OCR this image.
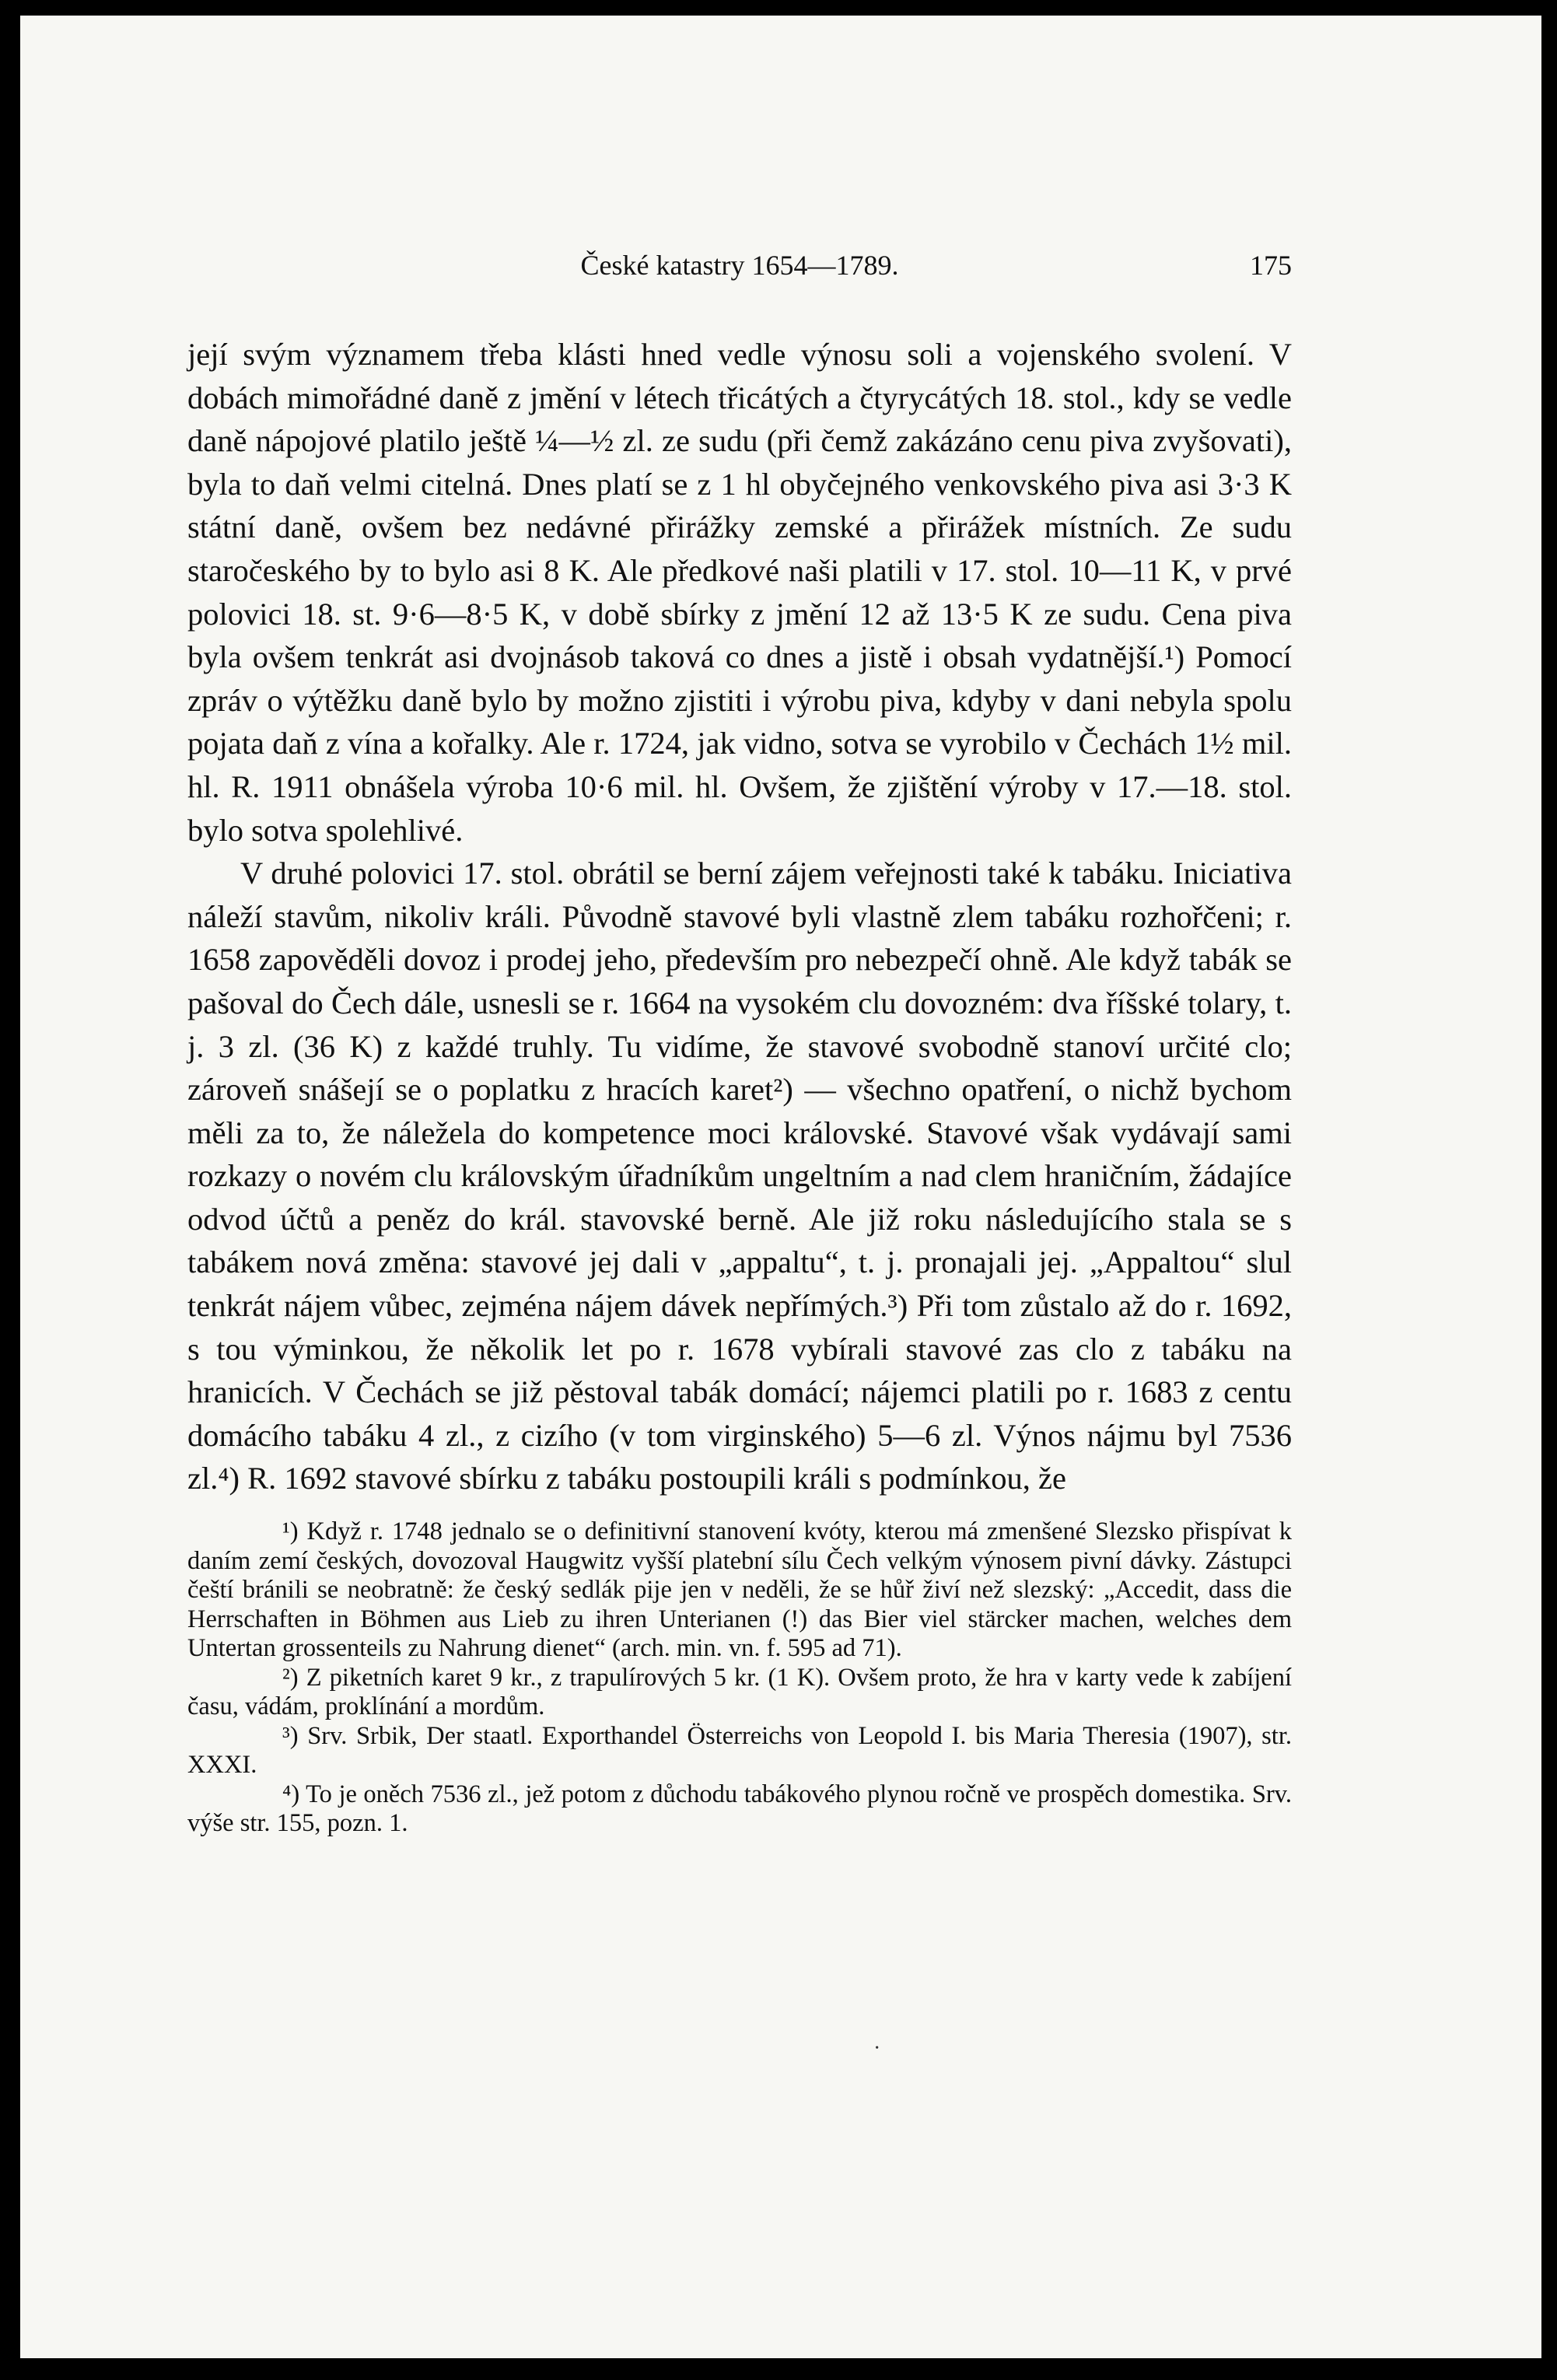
České katastry 1654—1789.	175

její svým významem třeba klásti hned vedle výnosu soli a vojenského svolení. V dobách mimořádné daně z jmění v létech třicátých a čtyrycátých 18. stol., kdy se vedle daně nápojové platilo ještě ¼—½ zl. ze sudu (při čemž zakázáno cenu piva zvyšovati), byla to daň velmi citelná. Dnes platí se z 1 hl obyčejného venkovského piva asi 3·3 K státní daně, ovšem bez nedávné přirážky zemské a přirážek místních. Ze sudu staročeského by to bylo asi 8 K. Ale předkové naši platili v 17. stol. 10—11 K, v prvé polovici 18. st. 9·6—8·5 K, v době sbírky z jmění 12 až 13·5 K ze sudu. Cena piva byla ovšem tenkrát asi dvojnásob taková co dnes a jistě i obsah vydatnější.¹) Pomocí zpráv o výtěžku daně bylo by možno zjistiti i výrobu piva, kdyby v dani nebyla spolu pojata daň z vína a kořalky. Ale r. 1724, jak vidno, sotva se vyrobilo v Čechách 1½ mil. hl. R. 1911 obnášela výroba 10·6 mil. hl. Ovšem, že zjištění výroby v 17.—18. stol. bylo sotva spolehlivé.

V druhé polovici 17. stol. obrátil se berní zájem veřejnosti také k tabáku. Iniciativa náleží stavům, nikoliv králi. Původně stavové byli vlastně zlem tabáku rozhořčeni; r. 1658 zapověděli dovoz i prodej jeho, především pro nebezpečí ohně. Ale když tabák se pašoval do Čech dále, usnesli se r. 1664 na vysokém clu dovozném: dva říšské tolary, t. j. 3 zl. (36 K) z každé truhly. Tu vidíme, že stavové svobodně stanoví určité clo; zároveň snášejí se o poplatku z hracích karet²) — všechno opatření, o nichž bychom měli za to, že náležela do kompetence moci královské. Stavové však vydávají sami rozkazy o novém clu královským úřadníkům ungeltním a nad clem hraničním, žádajíce odvod účtů a peněz do král. stavovské berně. Ale již roku následujícího stala se s tabákem nová změna: stavové jej dali v „appaltu“, t. j. pronajali jej. „Appaltou“ slul tenkrát nájem vůbec, zejména nájem dávek nepřímých.³) Při tom zůstalo až do r. 1692, s tou výminkou, že několik let po r. 1678 vybírali stavové zas clo z tabáku na hranicích. V Čechách se již pěstoval tabák domácí; nájemci platili po r. 1683 z centu domácího tabáku 4 zl., z cizího (v tom virginského) 5—6 zl. Výnos nájmu byl 7536 zl.⁴) R. 1692 stavové sbírku z tabáku postoupili králi s podmínkou, že

¹) Když r. 1748 jednalo se o definitivní stanovení kvóty, kterou má zmenšené Slezsko přispívat k daním zemí českých, dovozoval Haugwitz vyšší platební sílu Čech velkým výnosem pivní dávky. Zástupci čeští bránili se neobratně: že český sedlák pije jen v neděli, že se hůř živí než slezský: „Accedit, dass die Herrschaften in Böhmen aus Lieb zu ihren Unterianen (!) das Bier viel stärcker machen, welches dem Untertan grossenteils zu Nahrung dienet“ (arch. min. vn. f. 595 ad 71).

²) Z piketních karet 9 kr., z trapulírových 5 kr. (1 K). Ovšem proto, že hra v karty vede k zabíjení času, vádám, proklínání a mordům.

³) Srv. Srbik, Der staatl. Exporthandel Österreichs von Leopold I. bis Maria Theresia (1907), str. XXXI.

⁴) To je oněch 7536 zl., jež potom z důchodu tabákového plynou ročně ve prospěch domestika. Srv. výše str. 155, pozn. 1.

·
